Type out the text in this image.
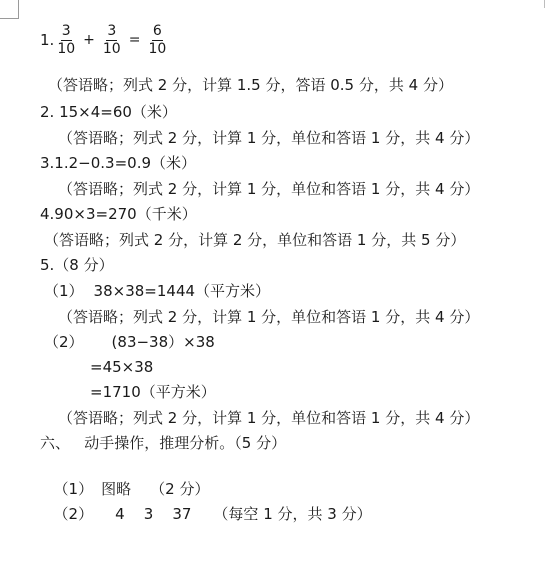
1. $\frac{3}{10} + \frac{3}{10} = \frac{6}{10}$
（答语略；列式 2 分，计算 1.5 分，答语 0.5 分，共 4 分）
2. 15×4=60（米）
（答语略；列式 2 分，计算 1 分，单位和答语 1 分，共 4 分）
3.1.2−0.3=0.9（米）
（答语略；列式 2 分，计算 1 分，单位和答语 1 分，共 4 分）
4.90×3=270（千米）
（答语略；列式 2 分，计算 2 分，单位和答语 1 分，共 5 分）
5.（8 分）
（1） 38×38=1444（平方米）
（答语略；列式 2 分，计算 1 分，单位和答语 1 分，共 4 分）
（2） (83−38）×38
=45×38
=1710（平方米）
（答语略；列式 2 分，计算 1 分，单位和答语 1 分，共 4 分）
六、   动手操作，推理分析。（5 分）

（1） 图略    （2 分）

（2） 4    3    37 （每空 1 分，共 3 分）
